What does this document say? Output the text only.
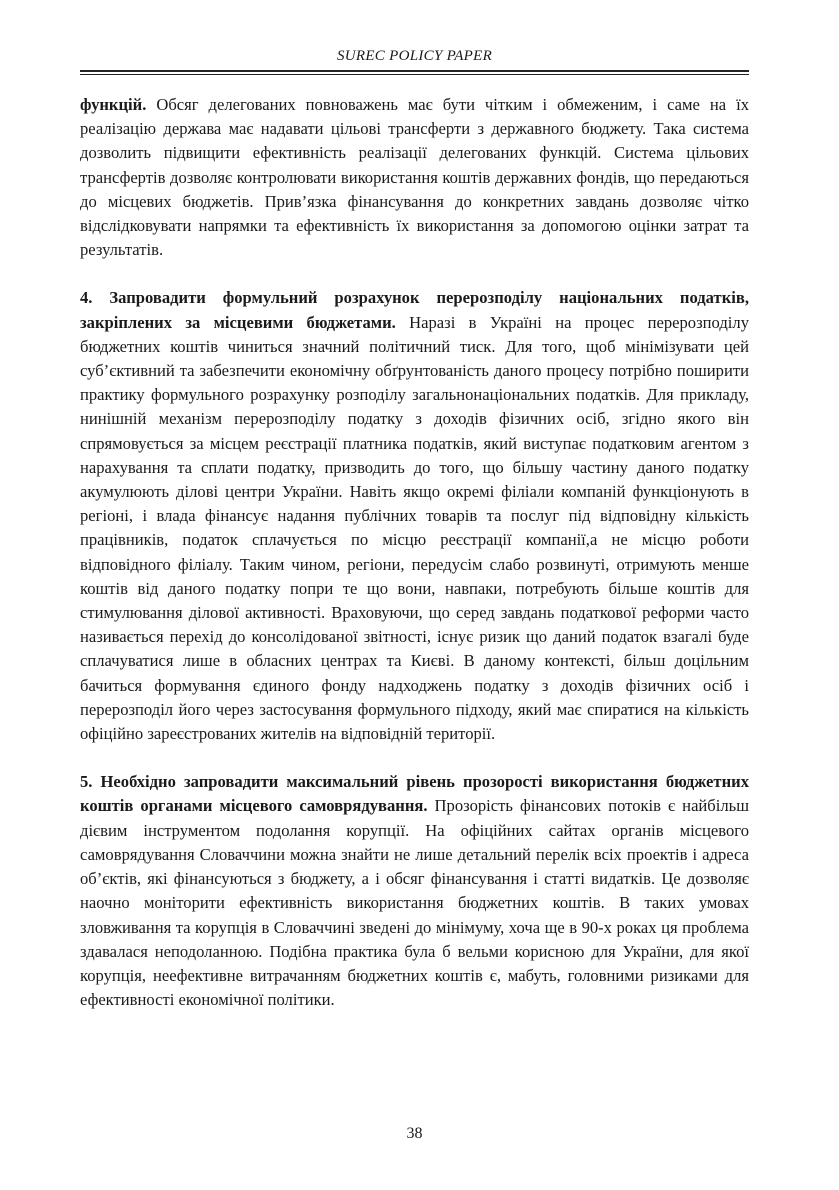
SUREC POLICY PAPER

функцій. Обсяг делегованих повноважень має бути чітким і обмеженим, і саме на їх реалізацію держава має надавати цільові трансферти з державного бюджету. Така система дозволить підвищити ефективність реалізації делегованих функцій. Система цільових трансфертів дозволяє контролювати використання коштів державних фондів, що передаються до місцевих бюджетів. Прив’язка фінансування до конкретних завдань дозволяє чітко відслідковувати напрямки та ефективність їх використання за допомогою оцінки затрат та результатів.

4. Запровадити формульний розрахунок перерозподілу національних податків, закріплених за місцевими бюджетами. Наразі в Україні на процес перерозподілу бюджетних коштів чиниться значний політичний тиск. Для того, щоб мінімізувати цей суб’єктивний та забезпечити економічну обґрунтованість даного процесу потрібно поширити практику формульного розрахунку розподілу загальнонаціональних податків. Для прикладу, нинішній механізм перерозподілу податку з доходів фізичних осіб, згідно якого він спрямовується за місцем реєстрації платника податків, який виступає податковим агентом з нарахування та сплати податку, призводить до того, що більшу частину даного податку акумулюють ділові центри України. Навіть якщо окремі філіали компаній функціонують в регіоні, і влада фінансує надання публічних товарів та послуг під відповідну кількість працівників, податок сплачується по місцю реєстрації компанії,а не місцю роботи відповідного філіалу. Таким чином, регіони, передусім слабо розвинуті, отримують менше коштів від даного податку попри те що вони, навпаки, потребують більше коштів для стимулювання ділової активності. Враховуючи, що серед завдань податкової реформи часто називається перехід до консолідованої звітності, існує ризик що даний податок взагалі буде сплачуватися лише в обласних центрах та Києві. В даному контексті, більш доцільним бачиться формування єдиного фонду надходжень податку з доходів фізичних осіб і перерозподіл його через застосування формульного підходу, який має спиратися на кількість офіційно зареєстрованих жителів на відповідній території.

5. Необхідно запровадити максимальний рівень прозорості використання бюджетних коштів органами місцевого самоврядування. Прозорість фінансових потоків є найбільш дієвим інструментом подолання корупції. На офіційних сайтах органів місцевого самоврядування Словаччини можна знайти не лише детальний перелік всіх проектів і адреса об’єктів, які фінансуються з бюджету, а і обсяг фінансування і статті видатків. Це дозволяє наочно моніторити ефективність використання бюджетних коштів. В таких умовах зловживання та корупція в Словаччині зведені до мінімуму, хоча ще в 90-х роках ця проблема здавалася неподоланною. Подібна практика була б вельми корисною для України, для якої корупція, неефективне витрачанням бюджетних коштів є, мабуть, головними ризиками для ефективності економічної політики.

38
